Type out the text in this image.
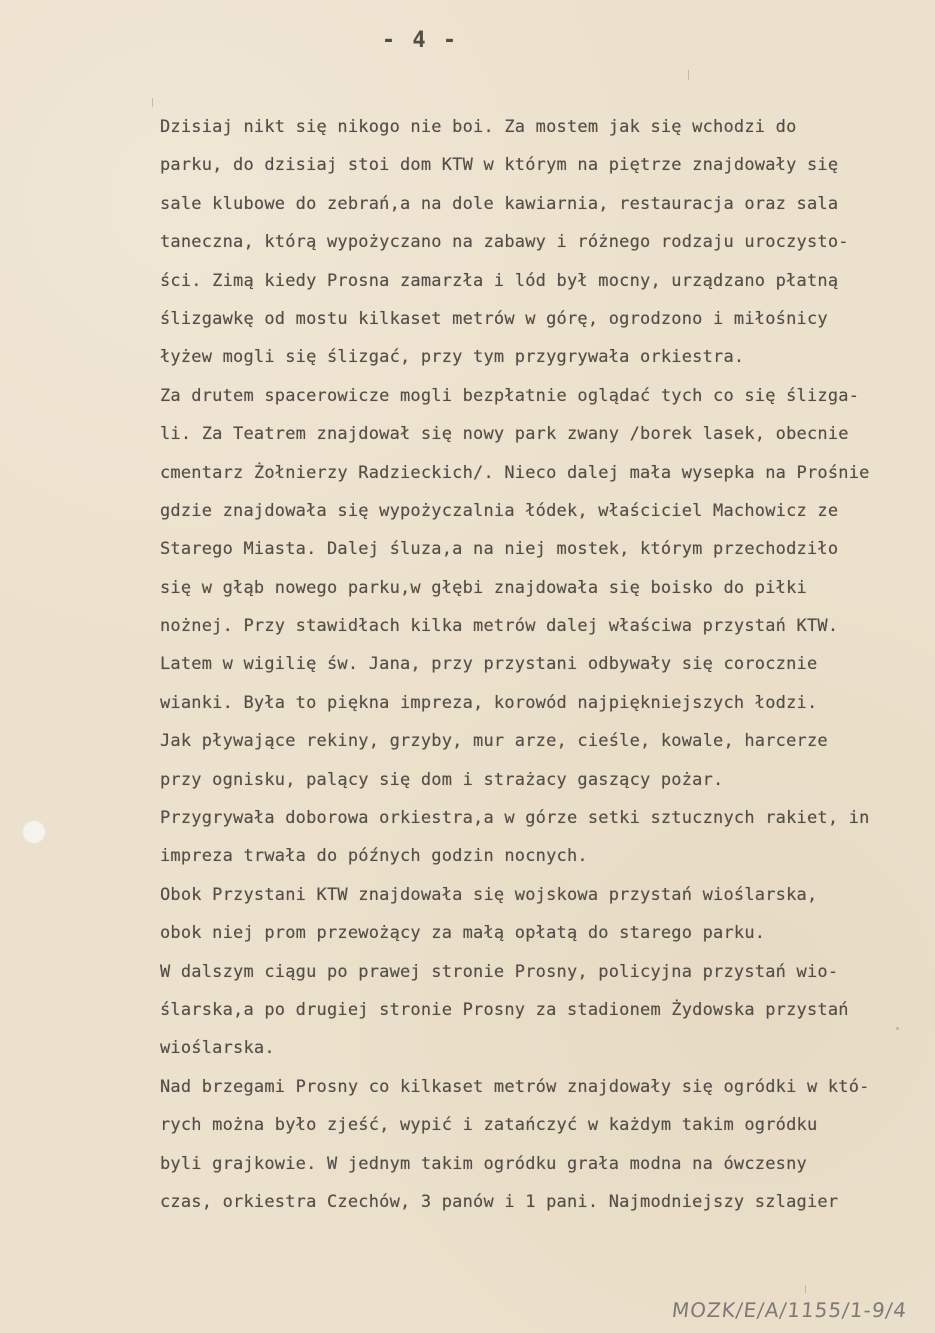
- 4 -
Dzisiaj nikt się nikogo nie boi. Za mostem jak się wchodzi do
parku, do dzisiaj stoi dom KTW w którym na piętrze znajdowały się
sale klubowe do zebrań,a na dole kawiarnia, restauracja oraz sala
taneczna, którą wypożyczano na zabawy i różnego rodzaju uroczysto-
ści. Zimą kiedy Prosna zamarzła i lód był mocny, urządzano płatną
ślizgawkę od mostu kilkaset metrów w górę, ogrodzono i miłośnicy
łyżew mogli się ślizgać, przy tym przygrywała orkiestra.
Za drutem spacerowicze mogli bezpłatnie oglądać tych co się ślizga-
li. Za Teatrem znajdował się nowy park zwany /borek lasek, obecnie
cmentarz Żołnierzy Radzieckich/. Nieco dalej mała wysepka na Prośnie
gdzie znajdowała się wypożyczalnia łódek, właściciel Machowicz ze
Starego Miasta. Dalej śluza,a na niej mostek, którym przechodziło
się w głąb nowego parku,w głębi znajdowała się boisko do piłki
nożnej. Przy stawidłach kilka metrów dalej właściwa przystań KTW.
Latem w wigilię św. Jana, przy przystani odbywały się corocznie
wianki. Była to piękna impreza, korowód najpiękniejszych łodzi.
Jak pływające rekiny, grzyby, mur arze, cieśle, kowale, harcerze
przy ognisku, palący się dom i strażacy gaszący pożar.
Przygrywała doborowa orkiestra,a w górze setki sztucznych rakiet, in
impreza trwała do późnych godzin nocnych.
Obok Przystani KTW znajdowała się wojskowa przystań wioślarska,
obok niej prom przewożący za małą opłatą do starego parku.
W dalszym ciągu po prawej stronie Prosny, policyjna przystań wio-
ślarska,a po drugiej stronie Prosny za stadionem Żydowska przystań
wioślarska.
Nad brzegami Prosny co kilkaset metrów znajdowały się ogródki w któ-
rych można było zjeść, wypić i zatańczyć w każdym takim ogródku
byli grajkowie. W jednym takim ogródku grała modna na ówczesny
czas, orkiestra Czechów, 3 panów i 1 pani. Najmodniejszy szlagier
MOZK/E/A/1155/1-9/4
